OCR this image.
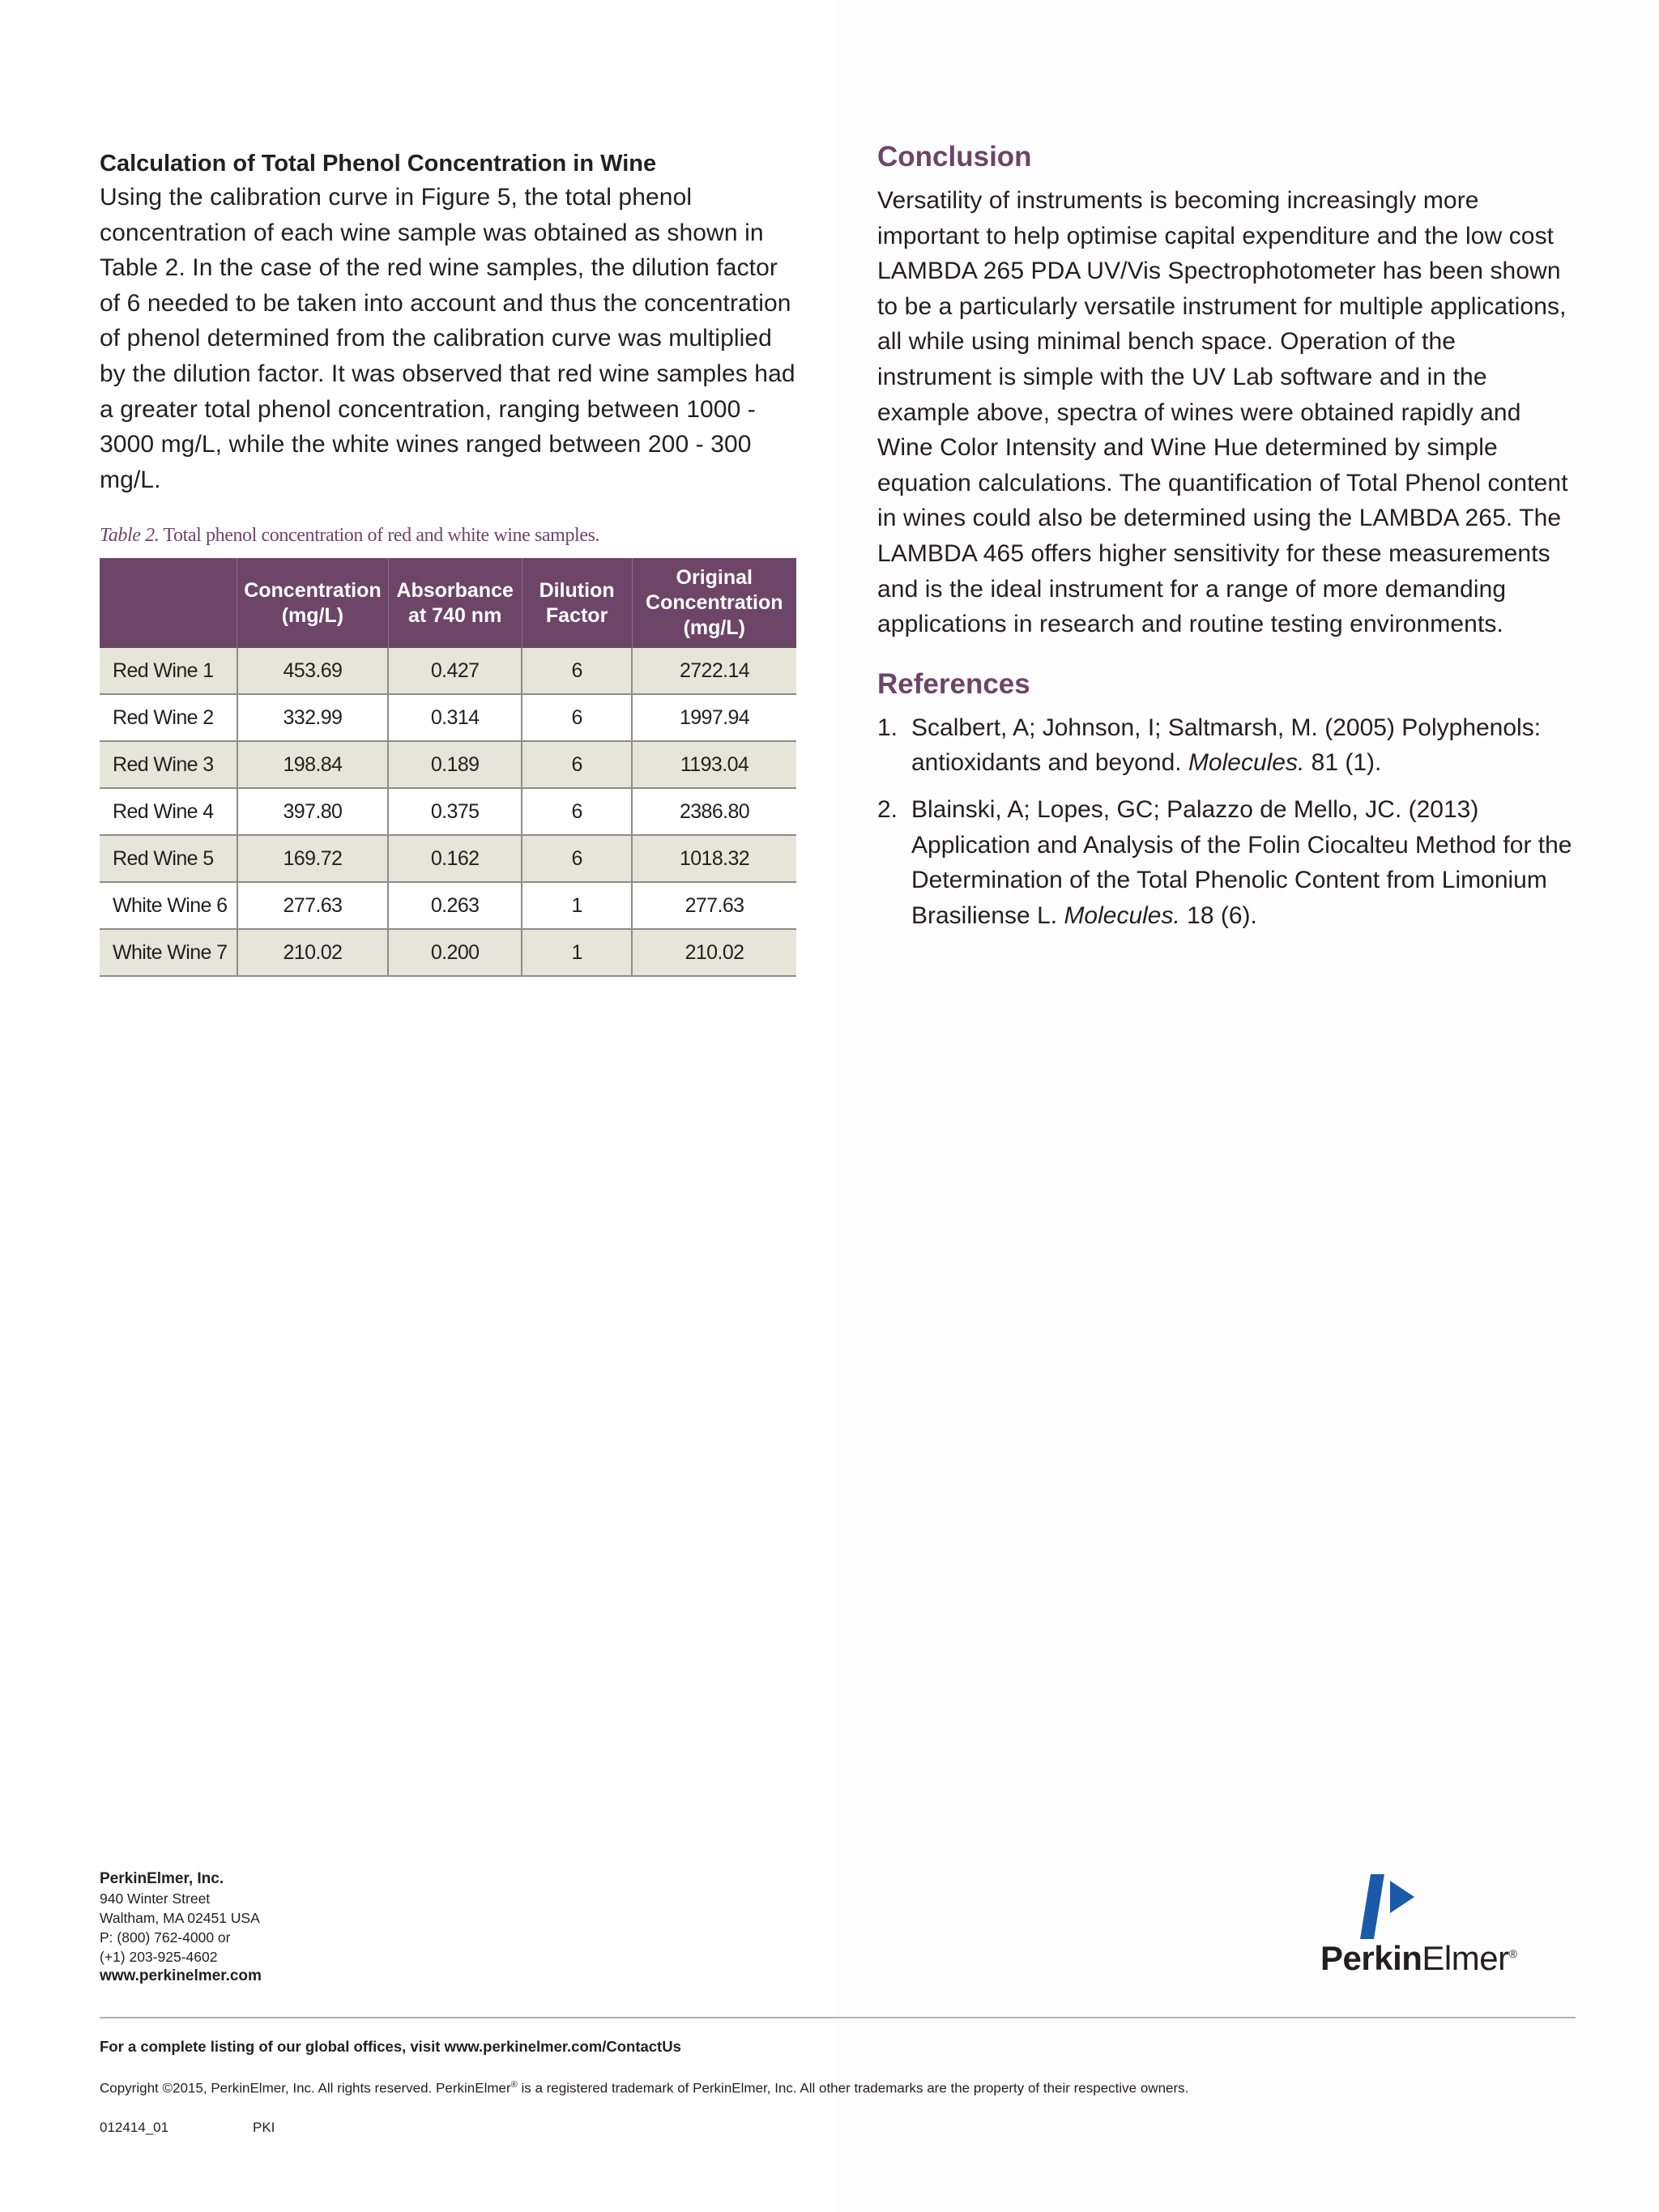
Calculation of Total Phenol Concentration in Wine

Using the calibration curve in Figure 5, the total phenol concentration of each wine sample was obtained as shown in Table 2. In the case of the red wine samples, the dilution factor of 6 needed to be taken into account and thus the concentration of phenol determined from the calibration curve was multiplied by the dilution factor. It was observed that red wine samples had a greater total phenol concentration, ranging between 1000 - 3000 mg/L, while the white wines ranged between 200 - 300 mg/L.

Table 2. Total phenol concentration of red and white wine samples.
	Concentration (mg/L)	Absorbance at 740 nm	Dilution Factor	Original Concentration (mg/L)
Red Wine 1	453.69	0.427	6	2722.14
Red Wine 2	332.99	0.314	6	1997.94
Red Wine 3	198.84	0.189	6	1193.04
Red Wine 4	397.80	0.375	6	2386.80
Red Wine 5	169.72	0.162	6	1018.32
White Wine 6	277.63	0.263	1	277.63
White Wine 7	210.02	0.200	1	210.02
Conclusion

Versatility of instruments is becoming increasingly more important to help optimise capital expenditure and the low cost LAMBDA 265 PDA UV/Vis Spectrophotometer has been shown to be a particularly versatile instrument for multiple applications, all while using minimal bench space. Operation of the instrument is simple with the UV Lab software and in the example above, spectra of wines were obtained rapidly and Wine Color Intensity and Wine Hue determined by simple equation calculations. The quantification of Total Phenol content in wines could also be determined using the LAMBDA 265. The LAMBDA 465 offers higher sensitivity for these measurements and is the ideal instrument for a range of more demanding applications in research and routine testing environments.

References
1. Scalbert, A; Johnson, I; Saltmarsh, M. (2005) Polyphenols: antioxidants and beyond. Molecules. 81 (1).
2. Blainski, A; Lopes, GC; Palazzo de Mello, JC. (2013) Application and Analysis of the Folin Ciocalteu Method for the Determination of the Total Phenolic Content from Limonium Brasiliense L. Molecules. 18 (6).
PerkinElmer, Inc.
940 Winter Street
Waltham, MA 02451 USA
P: (800) 762-4000 or
(+1) 203-925-4602
www.perkinelmer.com	PerkinElmer®
For a complete listing of our global offices, visit www.perkinelmer.com/ContactUs
Copyright ©2015, PerkinElmer, Inc. All rights reserved. PerkinElmer® is a registered trademark of PerkinElmer, Inc. All other trademarks are the property of their respective owners.
012414_01	PKI
